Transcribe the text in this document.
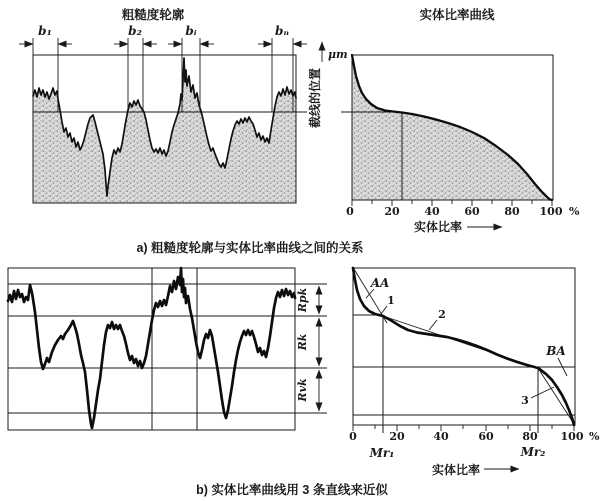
粗糙度轮廓
b₁	b₂	bᵢ	bₙ
实体比率曲线
μm
截线的位置
0	20 40 60 80 100 %
实体比率
a) 粗糙度轮廓与实体比率曲线之间的关系
Rpk
Rk
Rvk
AA
1
2
BA
3
0	20	40	60	80 100 %
Mr₁	Mr₂
实体比率
b) 实体比率曲线用 3 条直线来近似
